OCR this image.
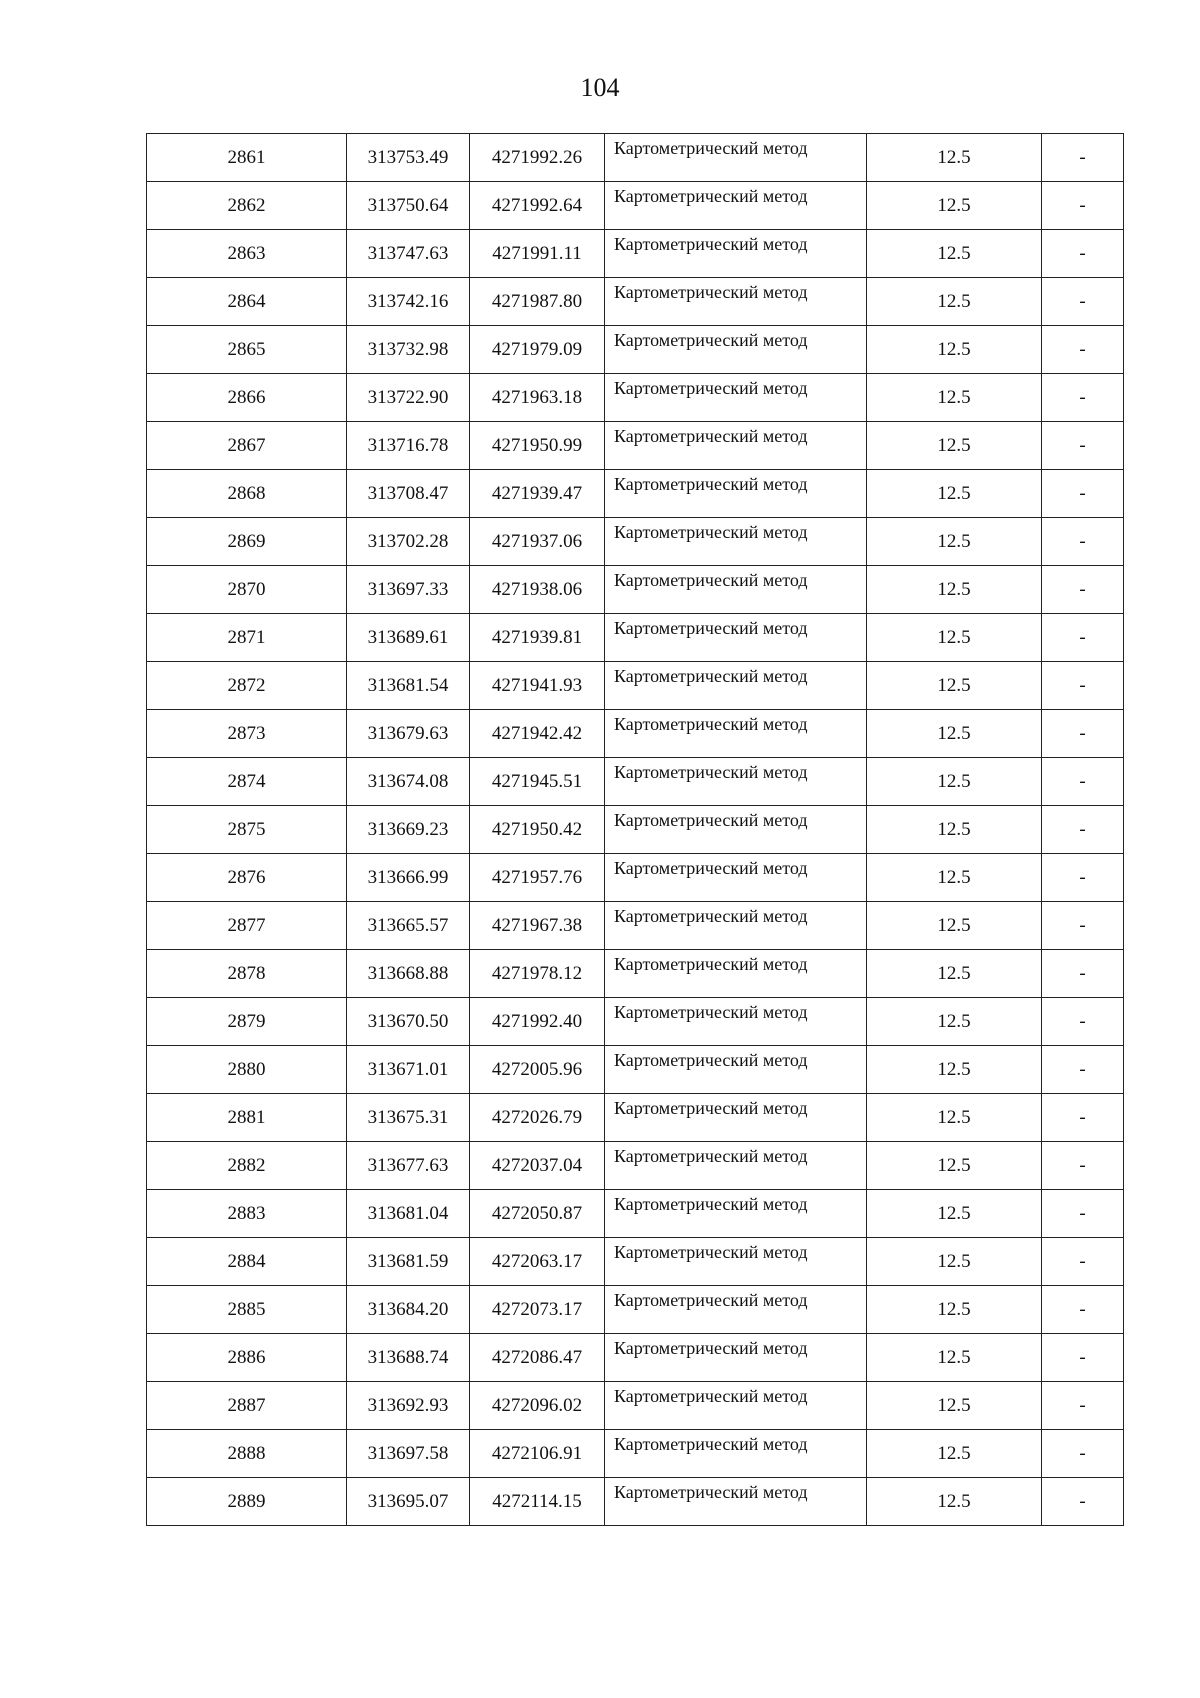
104
2861	313753.49	4271992.26	Картометрический метод	12.5	-
2862	313750.64	4271992.64	Картометрический метод	12.5	-
2863	313747.63	4271991.11	Картометрический метод	12.5	-
2864	313742.16	4271987.80	Картометрический метод	12.5	-
2865	313732.98	4271979.09	Картометрический метод	12.5	-
2866	313722.90	4271963.18	Картометрический метод	12.5	-
2867	313716.78	4271950.99	Картометрический метод	12.5	-
2868	313708.47	4271939.47	Картометрический метод	12.5	-
2869	313702.28	4271937.06	Картометрический метод	12.5	-
2870	313697.33	4271938.06	Картометрический метод	12.5	-
2871	313689.61	4271939.81	Картометрический метод	12.5	-
2872	313681.54	4271941.93	Картометрический метод	12.5	-
2873	313679.63	4271942.42	Картометрический метод	12.5	-
2874	313674.08	4271945.51	Картометрический метод	12.5	-
2875	313669.23	4271950.42	Картометрический метод	12.5	-
2876	313666.99	4271957.76	Картометрический метод	12.5	-
2877	313665.57	4271967.38	Картометрический метод	12.5	-
2878	313668.88	4271978.12	Картометрический метод	12.5	-
2879	313670.50	4271992.40	Картометрический метод	12.5	-
2880	313671.01	4272005.96	Картометрический метод	12.5	-
2881	313675.31	4272026.79	Картометрический метод	12.5	-
2882	313677.63	4272037.04	Картометрический метод	12.5	-
2883	313681.04	4272050.87	Картометрический метод	12.5	-
2884	313681.59	4272063.17	Картометрический метод	12.5	-
2885	313684.20	4272073.17	Картометрический метод	12.5	-
2886	313688.74	4272086.47	Картометрический метод	12.5	-
2887	313692.93	4272096.02	Картометрический метод	12.5	-
2888	313697.58	4272106.91	Картометрический метод	12.5	-
2889	313695.07	4272114.15	Картометрический метод	12.5	-
